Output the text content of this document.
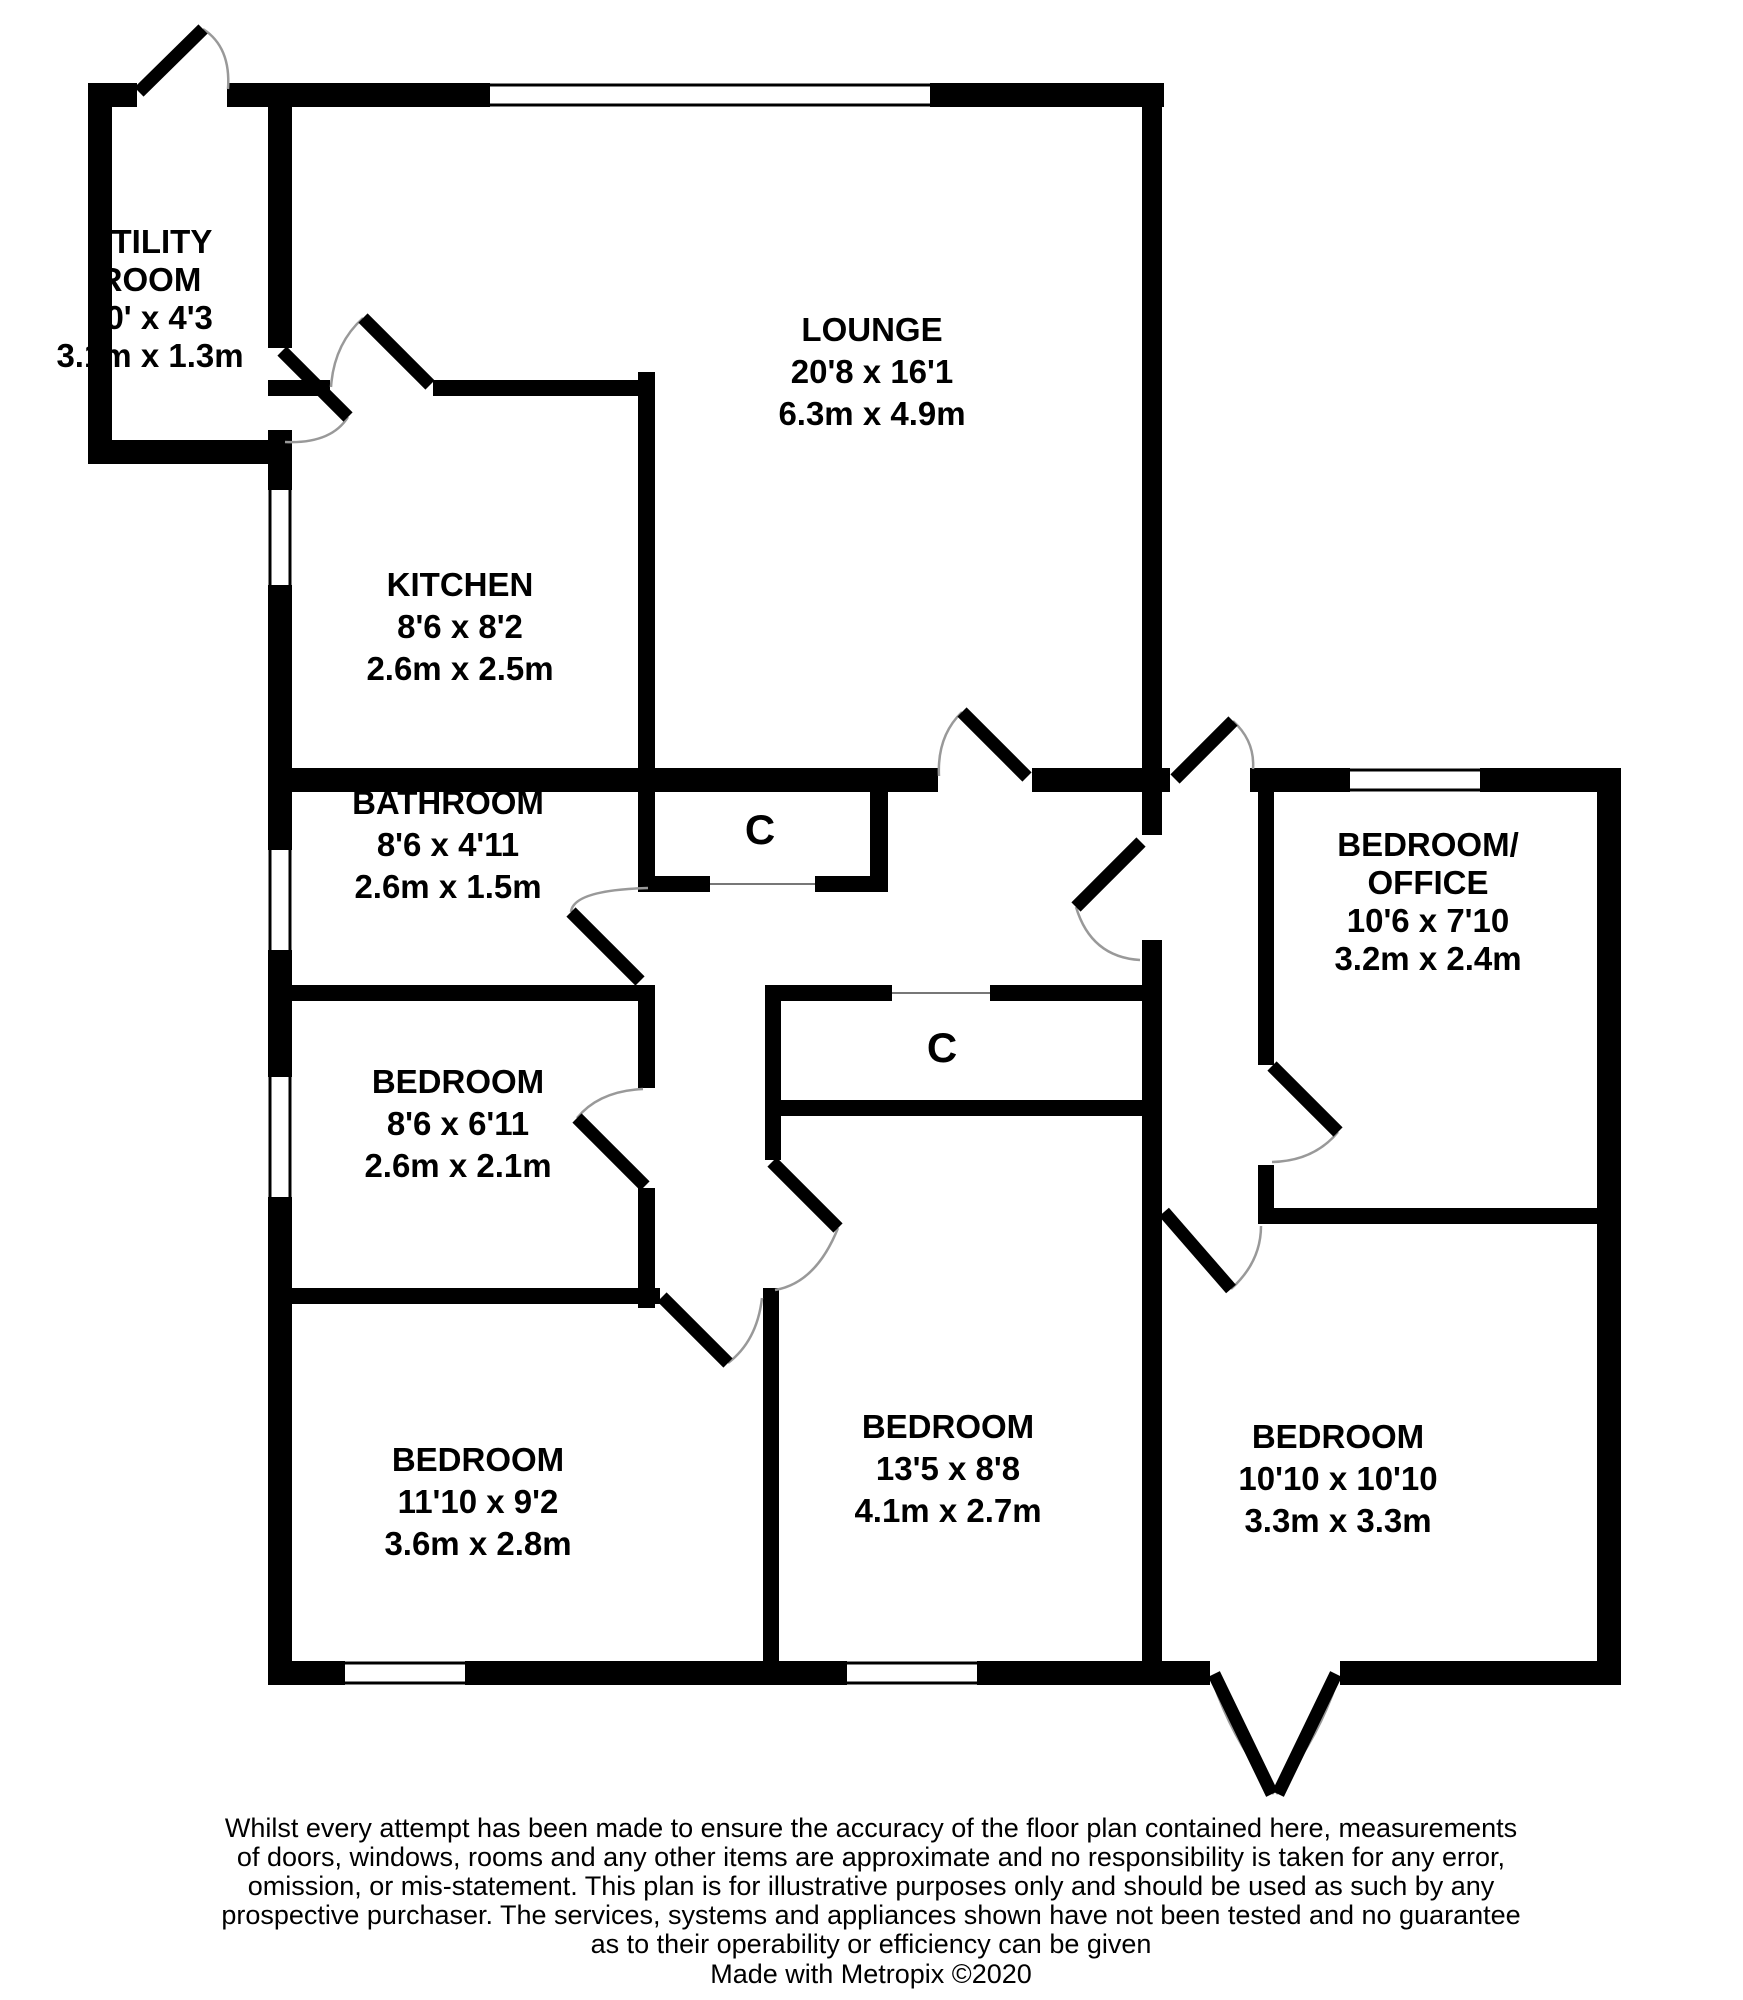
UTILITY
ROOM
10' x 4'3
3.1m x 1.3m
LOUNGE
20'8 x 16'1
6.3m x 4.9m
KITCHEN
8'6 x 8'2
2.6m x 2.5m
BATHROOM
8'6 x 4'11
2.6m x 1.5m
BEDROOM
8'6 x 6'11
2.6m x 2.1m
BEDROOM/
OFFICE
10'6 x 7'10
3.2m x 2.4m
BEDROOM
11'10 x 9'2
3.6m x 2.8m
BEDROOM
13'5 x 8'8
4.1m x 2.7m
BEDROOM
10'10 x 10'10
3.3m x 3.3m
C
C
Whilst every attempt has been made to ensure the accuracy of the floor plan contained here, measurements
of doors, windows, rooms and any other items are approximate and no responsibility is taken for any error,
omission, or mis-statement. This plan is for illustrative purposes only and should be used as such by any
prospective purchaser. The services, systems and appliances shown have not been tested and no guarantee
as to their operability or efficiency can be given
Made with Metropix ©2020
